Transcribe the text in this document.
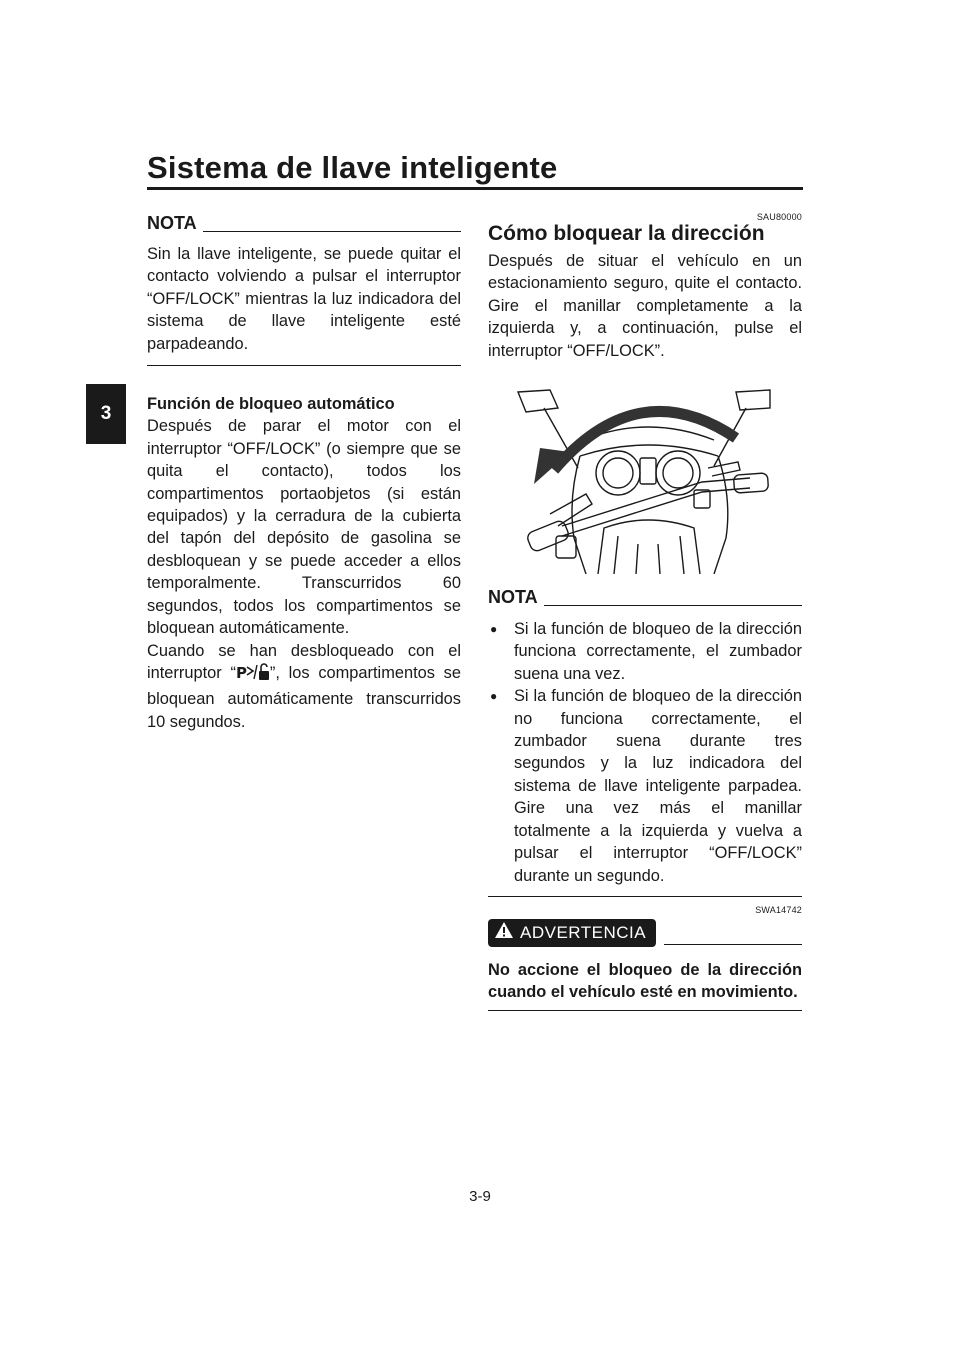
Sistema de llave inteligente
3
NOTA

Sin la llave inteligente, se puede quitar el contacto volviendo a pulsar el interruptor “OFF/LOCK” mientras la luz indicadora del sistema de llave inteligente esté parpadeando.

Función de bloqueo automático

Después de parar el motor con el interruptor “OFF/LOCK” (o siempre que se quita el contacto), todos los compartimentos portaobjetos (si están equipados) y la cerradura de la cubierta del tapón del depósito de gasolina se desbloquean y se puede acceder a ellos temporalmente. Transcurridos 60 segundos, todos los compartimentos se bloquean automáticamente.

Cuando se han desbloqueado con el interruptor “ P ”, los compartimentos se bloquean automáticamente transcurridos 10 segundos.

SAU80000

Cómo bloquear la dirección

Después de situar el vehículo en un estacionamiento seguro, quite el contacto. Gire el manillar completamente a la izquierda y, a continuación, pulse el interruptor “OFF/LOCK”.

NOTA
● Si la función de bloqueo de la dirección funciona correctamente, el zumbador suena una vez.
● Si la función de bloqueo de la dirección no funciona correctamente, el zumbador suena durante tres segundos y la luz indicadora del sistema de llave inteligente parpadea. Gire una vez más el manillar totalmente a la izquierda y vuelva a pulsar el interruptor “OFF/LOCK” durante un segundo.
SWA14742
ADVERTENCIA

No accione el bloqueo de la dirección cuando el vehículo esté en movimiento.

3-9
